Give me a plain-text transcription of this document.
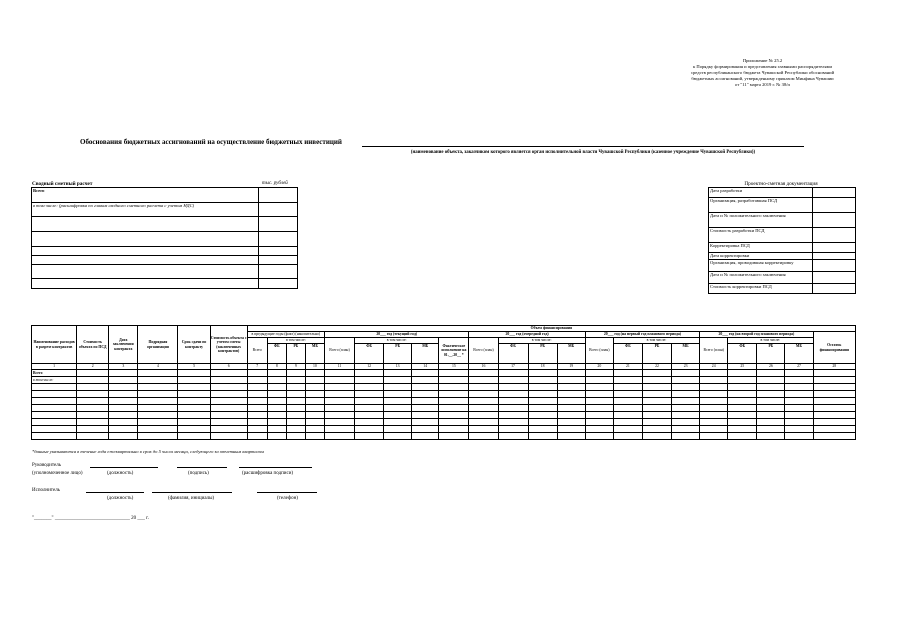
Приложение № 25.2
к Порядку формирования и представления главными распорядителями
средств республиканского бюджета Чувашской Республики обоснований
бюджетных ассигнований, утвержденному приказом Минфина Чувашии
от "11" марта 2019 г. № 38/п
Обоснования бюджетных ассигнований на осуществление бюджетных инвестиций
(наименование объекта, заказчиком которого является орган исполнительной власти Чувашской Республики (казенное учреждение Чувашской Республики))
Сводный сметный расчет	тыс. рублей
Всего	
в том числе: (расшифровка по главам сводного сметного расчета с учетом НДС)	

Проектно-сметная документация
Дата разработки	
Организация, разработавшая ПСД	
Дата и № положительного заключения	
Стоимость разработки ПСД	
Корректировка ПСД	
Дата корректировки	
Организация, проводившая корректировку	
Дата и № положительного заключения	
Стоимость корректировки ПСД	
Наименование расходов в разрезе контрактов	Стоимость объекта по ПСД	Дата заключения контракта	Подрядная организация	Срок сдачи по контракту	Стоимость объекта с учетом сметы (заключенных контрактов)	Объем финансирования																					
						в предыдущие годы (факт) (накопительно)				20___ год (текущий год)					20___ год (очередной год)				20___ год (на первый год планового периода)				20___ год (на второй год планового периода)				Остаток финансирования
						Всего	в том числе:			Всего (план)	в том числе:			Фактическое исполнение на 01.__.20__ *	Всего (план)	в том числе:			Всего (план)	в том числе:			Всего (план)	в том числе:			
							ФБ	РБ	МБ		ФБ	РБ	МБ			ФБ	РБ	МБ		ФБ	РБ	МБ		ФБ	РБ	МБ	
1	2	3	4	5	6	7	8	9	10	11	12	13	14	15	16	17	18	19	20	21	22	23	24	25	26	27	28
Всего																											
в том числе:																											

*данные указываются в течение года ежеквартально в срок до 5 числа месяца, следующего за отчетным кварталом
Руководитель
(уполномоченное лицо)	(должность)	(подпись)	(расшифровка подписи)
Исполнитель
(должность)	(фамилия, инициалы)	(телефон)
"_______" ______________________________ 20 ___ г.
